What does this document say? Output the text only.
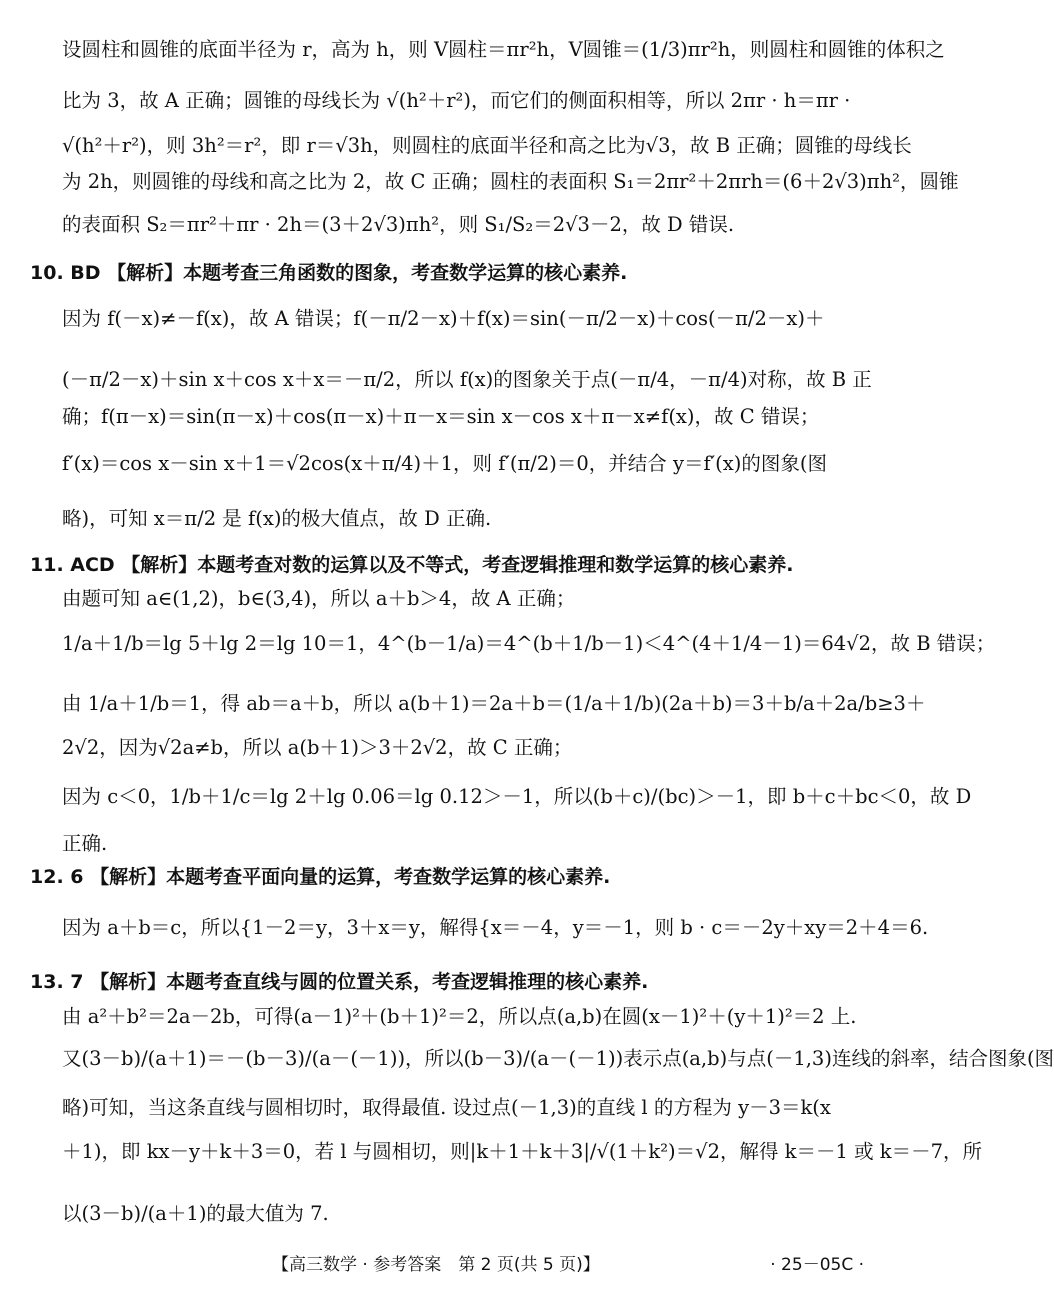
设圆柱和圆锥的底面半径为 r，高为 h，则 V圆柱＝πr²h，V圆锥＝(1/3)πr²h，则圆柱和圆锥的体积之
比为 3，故 A 正确；圆锥的母线长为 √(h²＋r²)，而它们的侧面积相等，所以 2πr · h＝πr ·
√(h²＋r²)，则 3h²＝r²，即 r＝√3h，则圆柱的底面半径和高之比为√3，故 B 正确；圆锥的母线长
为 2h，则圆锥的母线和高之比为 2，故 C 正确；圆柱的表面积 S₁＝2πr²＋2πrh＝(6＋2√3)πh²，圆锥
的表面积 S₂＝πr²＋πr · 2h＝(3＋2√3)πh²，则 S₁/S₂＝2√3－2，故 D 错误.
10. BD 【解析】本题考查三角函数的图象，考查数学运算的核心素养.
因为 f(－x)≠－f(x)，故 A 错误；f(－π/2－x)＋f(x)＝sin(－π/2－x)＋cos(－π/2－x)＋
(－π/2－x)＋sin x＋cos x＋x＝－π/2，所以 f(x)的图象关于点(－π/4，－π/4)对称，故 B 正
确；f(π－x)＝sin(π－x)＋cos(π－x)＋π－x＝sin x－cos x＋π－x≠f(x)，故 C 错误；
f′(x)＝cos x－sin x＋1＝√2cos(x＋π/4)＋1，则 f′(π/2)＝0，并结合 y＝f′(x)的图象(图
略)，可知 x＝π/2 是 f(x)的极大值点，故 D 正确.
11. ACD 【解析】本题考查对数的运算以及不等式，考查逻辑推理和数学运算的核心素养.
由题可知 a∈(1,2)，b∈(3,4)，所以 a＋b＞4，故 A 正确；
1/a＋1/b＝lg 5＋lg 2＝lg 10＝1，4^(b－1/a)＝4^(b＋1/b－1)＜4^(4＋1/4－1)＝64√2，故 B 错误；
由 1/a＋1/b＝1，得 ab＝a＋b，所以 a(b＋1)＝2a＋b＝(1/a＋1/b)(2a＋b)＝3＋b/a＋2a/b≥3＋
2√2，因为√2a≠b，所以 a(b＋1)＞3＋2√2，故 C 正确；
因为 c＜0，1/b＋1/c＝lg 2＋lg 0.06＝lg 0.12＞－1，所以(b＋c)/(bc)＞－1，即 b＋c＋bc＜0，故 D
正确.
12. 6 【解析】本题考查平面向量的运算，考查数学运算的核心素养.
因为 a＋b＝c，所以{1－2＝y，3＋x＝y，解得{x＝－4，y＝－1，则 b · c＝－2y＋xy＝2＋4＝6.
13. 7 【解析】本题考查直线与圆的位置关系，考查逻辑推理的核心素养.
由 a²＋b²＝2a－2b，可得(a－1)²＋(b＋1)²＝2，所以点(a,b)在圆(x－1)²＋(y＋1)²＝2 上.
又(3－b)/(a＋1)＝－(b－3)/(a－(－1))，所以(b－3)/(a－(－1))表示点(a,b)与点(－1,3)连线的斜率，结合图象(图
略)可知，当这条直线与圆相切时，取得最值. 设过点(－1,3)的直线 l 的方程为 y－3＝k(x
＋1)，即 kx－y＋k＋3＝0，若 l 与圆相切，则|k＋1＋k＋3|/√(1＋k²)＝√2，解得 k＝－1 或 k＝－7，所
以(3－b)/(a＋1)的最大值为 7.
【高三数学 · 参考答案　第 2 页(共 5 页)】	· 25－05C ·
